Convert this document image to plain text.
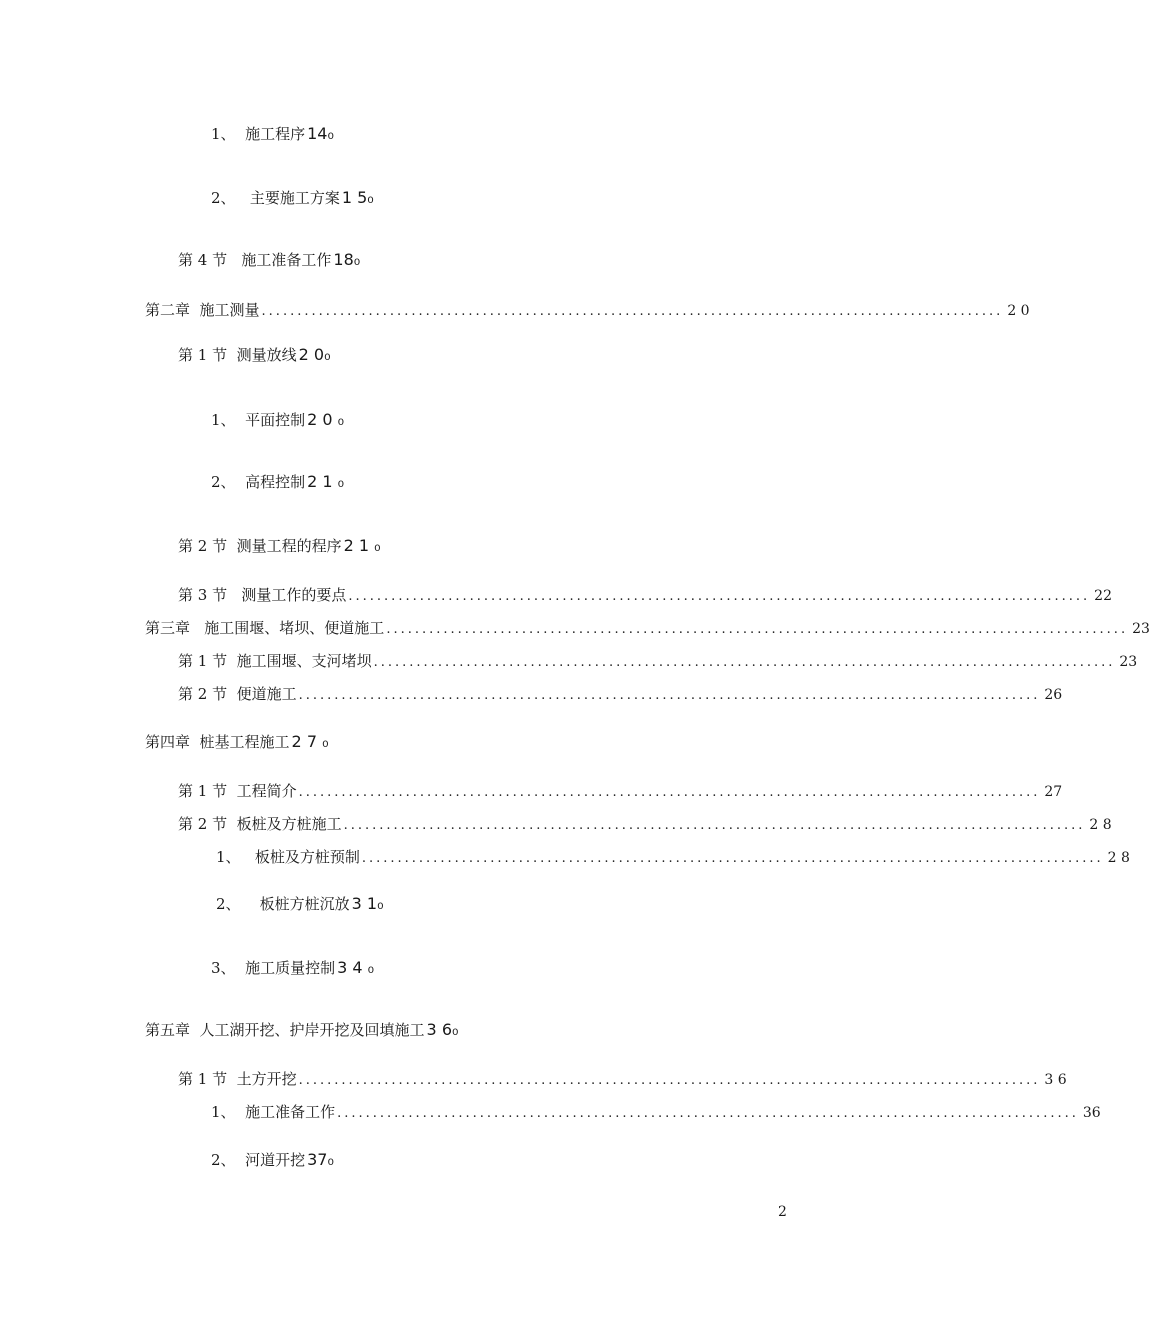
1、  施工程序 14₀
2、   主要施工方案 1 5₀
第 4 节   施工准备工作 18₀
第二章  施工测量 ........................................................................................................ 2 0
第 1 节  测量放线 2 0₀
1、  平面控制 2 0 ₀
2、  高程控制 2 1 ₀
第 2 节  测量工程的程序 2 1 ₀
第 3 节   测量工作的要点 ........................................................................................................ 22
第三章   施工围堰、堵坝、便道施工 ........................................................................................................ 23
第 1 节  施工围堰、支河堵坝 ........................................................................................................ 23
第 2 节  便道施工 ........................................................................................................ 26
第四章  桩基工程施工 2 7 ₀
第 1 节  工程简介 ........................................................................................................ 27
第 2 节  板桩及方桩施工 ........................................................................................................ 2 8
1、   板桩及方桩预制 ........................................................................................................ 2 8
2、    板桩方桩沉放 3 1₀
3、  施工质量控制 3 4 ₀
第五章  人工湖开挖、护岸开挖及回填施工 3 6₀
第 1 节  土方开挖 ........................................................................................................ 3 6
1、  施工准备工作 ........................................................................................................ 36
2、  河道开挖 37₀
2
